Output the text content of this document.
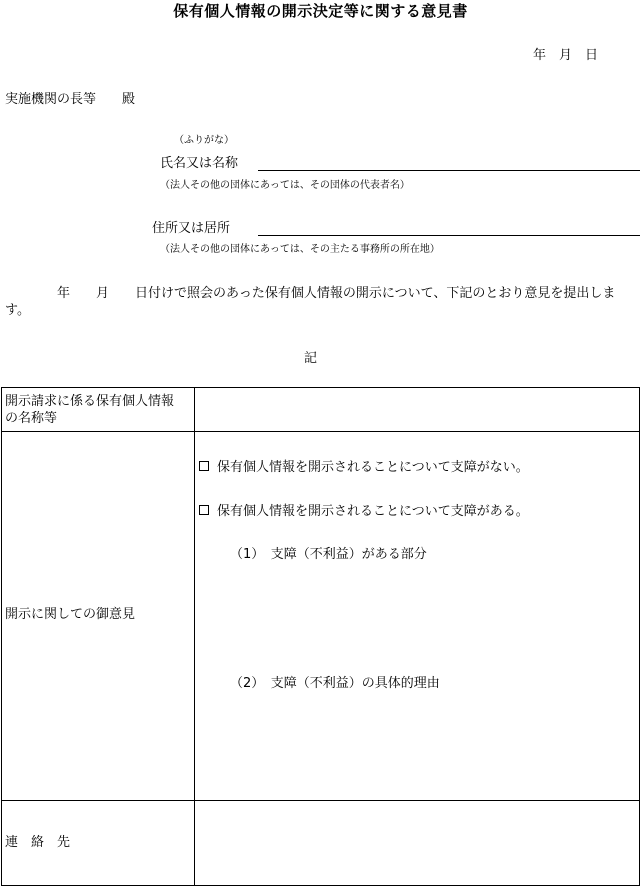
保有個人情報の開示決定等に関する意見書
年　月　日
実施機関の長等　　殿
（ふりがな）
氏名又は名称
（法人その他の団体にあっては、その団体の代表者名）
住所又は居所
（法人その他の団体にあっては、その主たる事務所の所在地）
　　　　年　　月　　日付けで照会のあった保有個人情報の開示について、下記のとおり意見を提出します。
記
開示請求に係る保有個人情報の名称等
開示に関しての御意見
連　絡　先
保有個人情報を開示されることについて支障がない。
保有個人情報を開示されることについて支障がある。
（1）　支障（不利益）がある部分
（2）　支障（不利益）の具体的理由
